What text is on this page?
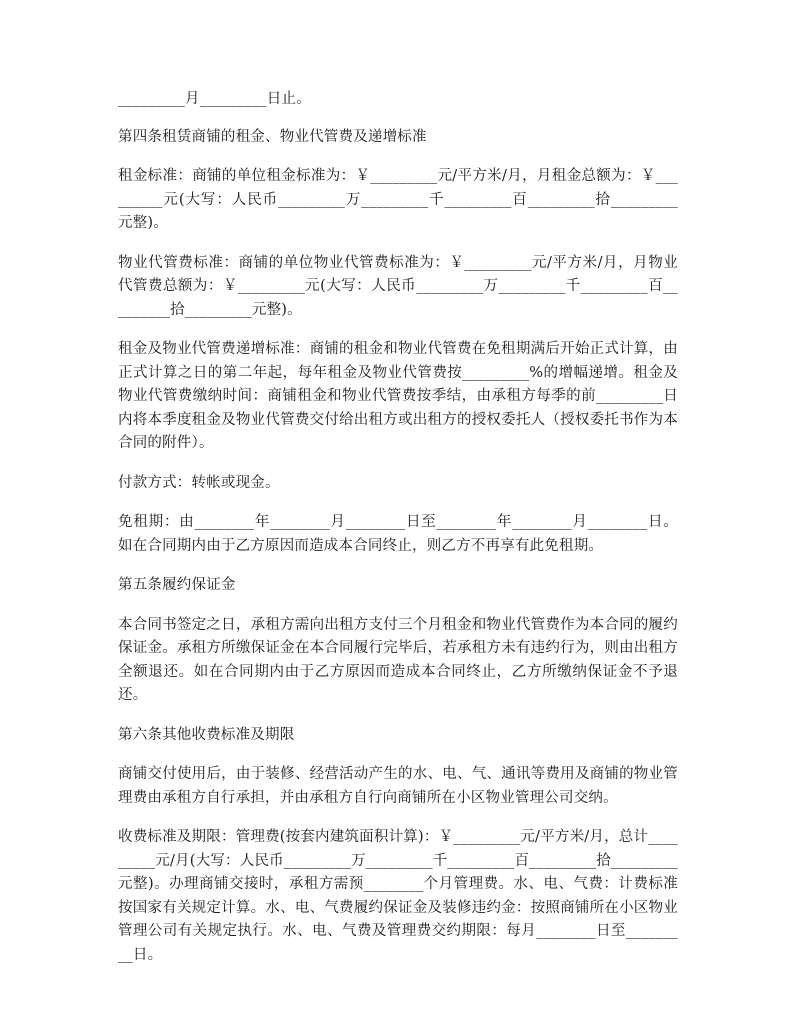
_________月_________日止。

第四条租赁商铺的租金、物业代管费及递增标准

租金标准：商铺的单位租金标准为：￥_________元/平方米/月，月租金总额为：￥_________元(大写：人民币_________万_________千_________百_________拾_________元整)。

物业代管费标准：商铺的单位物业代管费标准为：￥_________元/平方米/月，月物业代管费总额为：￥_________元(大写：人民币_________万_________千_________百_________拾_________元整)。

租金及物业代管费递增标准：商铺的租金和物业代管费在免租期满后开始正式计算，由正式计算之日的第二年起，每年租金及物业代管费按_________%的增幅递增。租金及物业代管费缴纳时间：商铺租金和物业代管费按季结，由承租方每季的前_________日内将本季度租金及物业代管费交付给出租方或出租方的授权委托人（授权委托书作为本合同的附件）。

付款方式：转帐或现金。

免租期：由________年________月________日至________年________月________日。如在合同期内由于乙方原因而造成本合同终止，则乙方不再享有此免租期。

第五条履约保证金

本合同书签定之日，承租方需向出租方支付三个月租金和物业代管费作为本合同的履约保证金。承租方所缴保证金在本合同履行完毕后，若承租方未有违约行为，则由出租方全额退还。如在合同期内由于乙方原因而造成本合同终止，乙方所缴纳保证金不予退还。

第六条其他收费标准及期限

商铺交付使用后，由于装修、经营活动产生的水、电、气、通讯等费用及商铺的物业管理费由承租方自行承担，并由承租方自行向商铺所在小区物业管理公司交纳。

收费标准及期限：管理费(按套内建筑面积计算)：￥_________元/平方米/月，总计_________元/月(大写：人民币_________万_________千_________百_________拾_________元整)。办理商铺交接时，承租方需预________个月管理费。水、电、气费：计费标准按国家有关规定计算。水、电、气费履约保证金及装修违约金：按照商铺所在小区物业管理公司有关规定执行。水、电、气费及管理费交约期限：每月________日至_________日。
